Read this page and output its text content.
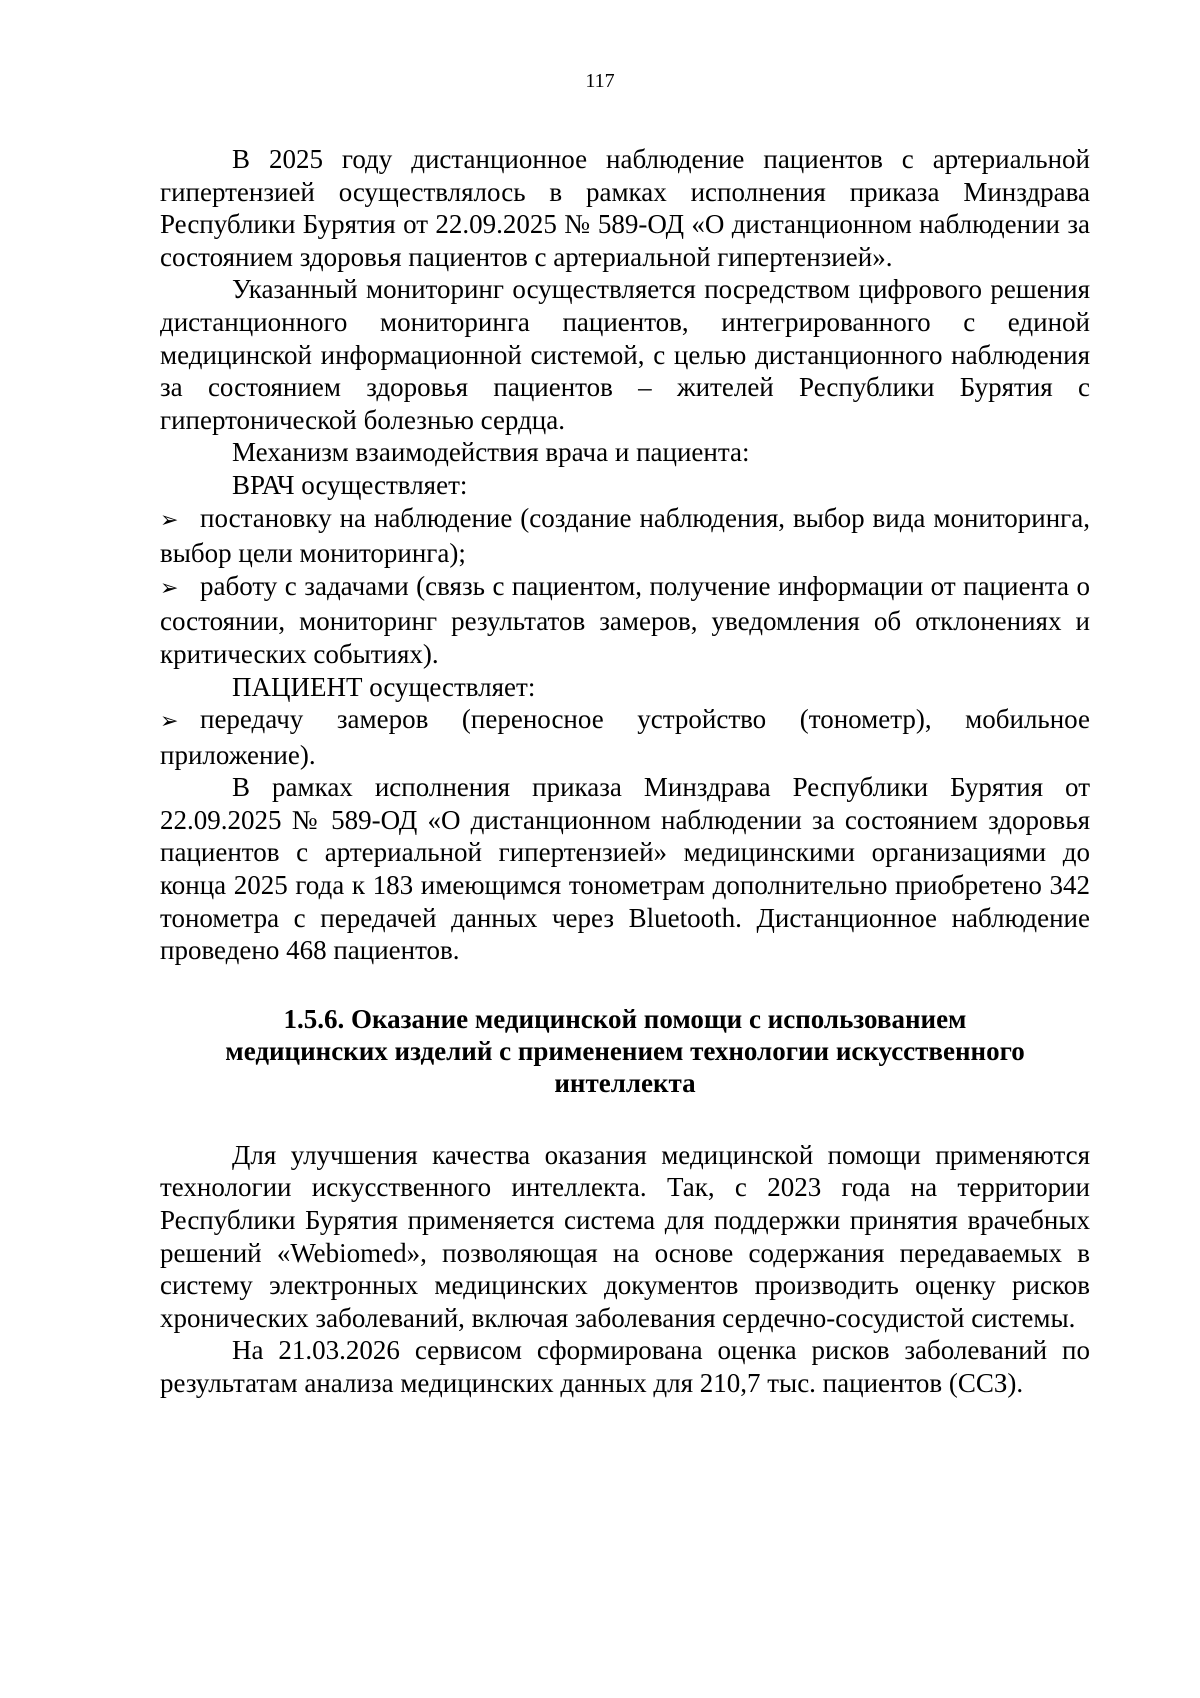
117

В 2025 году дистанционное наблюдение пациентов с артериальной гипертензией осуществлялось в рамках исполнения приказа Минздрава Республики Бурятия от 22.09.2025 № 589-ОД «О дистанционном наблюдении за состоянием здоровья пациентов с артериальной гипертензией».

Указанный мониторинг осуществляется посредством цифрового решения дистанционного мониторинга пациентов, интегрированного с единой медицинской информационной системой, с целью дистанционного наблюдения за состоянием здоровья пациентов – жителей Республики Бурятия с гипертонической болезнью сердца.

Механизм взаимодействия врача и пациента:

ВРАЧ осуществляет:

➢ постановку на наблюдение (создание наблюдения, выбор вида мониторинга, выбор цели мониторинга);
➢ работу с задачами (связь с пациентом, получение информации от пациента о состоянии, мониторинг результатов замеров, уведомления об отклонениях и критических событиях).

ПАЦИЕНТ осуществляет:

➢ передачу замеров (переносное устройство (тонометр), мобильное приложение).

В рамках исполнения приказа Минздрава Республики Бурятия от 22.09.2025 № 589-ОД «О дистанционном наблюдении за состоянием здоровья пациентов с артериальной гипертензией» медицинскими организациями до конца 2025 года к 183 имеющимся тонометрам дополнительно приобретено 342 тонометра с передачей данных через Bluetooth. Дистанционное наблюдение проведено 468 пациентов.

1.5.6. Оказание медицинской помощи с использованием медицинских изделий с применением технологии искусственного интеллекта

Для улучшения качества оказания медицинской помощи применяются технологии искусственного интеллекта. Так, с 2023 года на территории Республики Бурятия применяется система для поддержки принятия врачебных решений «Webiomed», позволяющая на основе содержания передаваемых в систему электронных медицинских документов производить оценку рисков хронических заболеваний, включая заболевания сердечно-сосудистой системы.

На 21.03.2026 сервисом сформирована оценка рисков заболеваний по результатам анализа медицинских данных для 210,7 тыс. пациентов (ССЗ).
